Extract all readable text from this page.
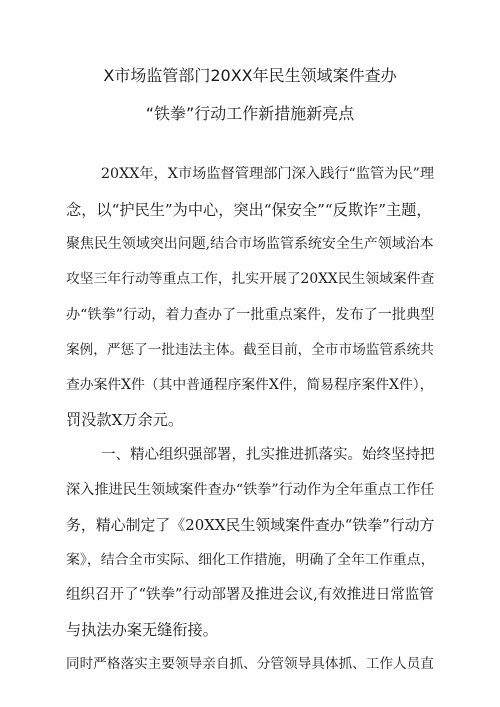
X市场监管部门20XX年民生领域案件查办
“铁拳”行动工作新措施新亮点
20XX年，X市场监督管理部门深入践行“监管为民”理
念，以“护民生”为中心，突出“保安全”“反欺诈”主题，
聚焦民生领域突出问题,结合市场监管系统安全生产领域治本
攻坚三年行动等重点工作，扎实开展了20XX民生领域案件查
办“铁拳”行动，着力查办了一批重点案件，发布了一批典型
案例，严惩了一批违法主体。截至目前，全市市场监管系统共
查办案件X件（其中普通程序案件X件，简易程序案件X件），
罚没款X万余元。
一、精心组织强部署，扎实推进抓落实。始终坚持把
深入推进民生领域案件查办“铁拳”行动作为全年重点工作任
务，精心制定了《20XX民生领域案件查办“铁拳”行动方
案》，结合全市实际、细化工作措施，明确了全年工作重点，
组织召开了“铁拳”行动部署及推进会议,有效推进日常监管
与执法办案无缝衔接。
同时严格落实主要领导亲自抓、分管领导具体抓、工作人员直
